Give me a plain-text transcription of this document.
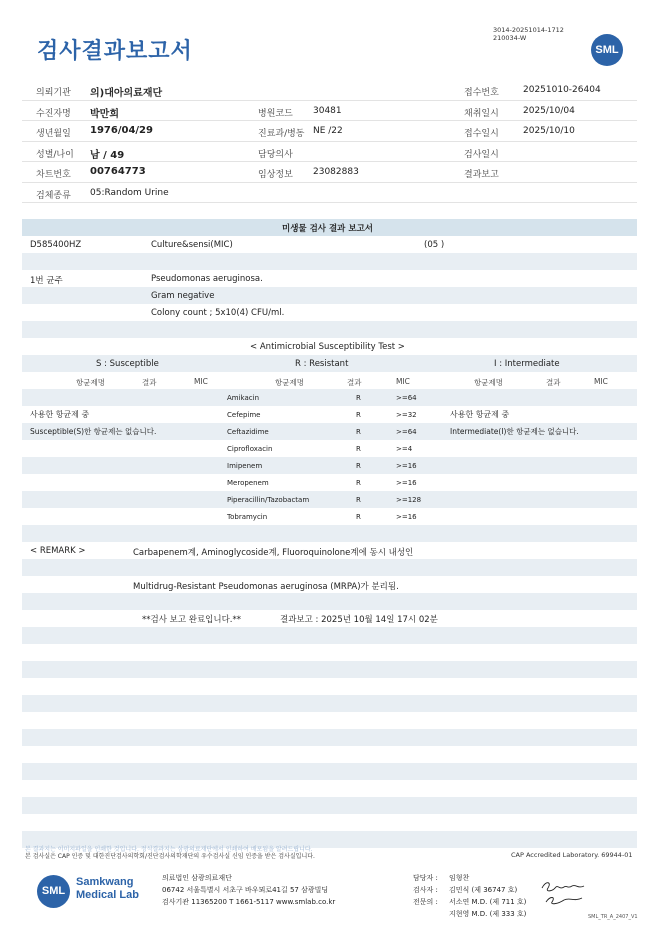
검사결과보고서
3014-20251014-1712
210034-W
SML
의뢰기관 의)대아의료재단	접수번호	20251010-26404
수진자명 박만희	병원코드 30481	채취일시	2025/10/04
생년월일 1976/04/29	진료과/병동 NE /22	접수일시	2025/10/10
성별/나이 남 / 49	담당의사	검사일시
차트번호 00764773	임상정보 23082883	결과보고
검체종류 05:Random Urine
미생물 검사 결과 보고서
D585400HZ	Culture&sensi(MIC)	(05 )
1번 균주	Pseudomonas aeruginosa.
Gram negative
Colony count ; 5x10(4) CFU/ml.
< Antimicrobial Susceptibility Test >
S : Susceptible	R : Resistant	I : Intermediate
항균제명	결과	MIC	항균제명	결과	MIC	항균제명	결과	MIC
사용한 항균제 중
Susceptible(S)한 항균제는 없습니다.
사용한 항균제 중
Intermediate(I)한 항균제는 없습니다.
Amikacin	R	>=64
Cefepime	R	>=32
Ceftazidime	R	>=64
Ciprofloxacin	R	>=4
Imipenem	R	>=16
Meropenem	R	>=16
Piperacillin/Tazobactam	R	>=128
Tobramycin	R	>=16
< REMARK >	Carbapenem계, Aminoglycoside계, Fluoroquinolone계에 동시 내성인
Multidrug-Resistant Pseudomonas aeruginosa (MRPA)가 분리됨.
**검사 보고 완료입니다.**	결과보고 : 2025년 10월 14일 17시 02분
본 결과지는 이미지파일을 인쇄한 것입니다. 정식결과지는 삼광의료재단에서 인쇄하여 배포됨을 알려드립니다.
본 검사실은 CAP 인증 및 대한진단검사의학회/진단검사의학재단의 우수검사실 신임 인증을 받은 검사실입니다.	CAP Accredited Laboratory. 69944-01
SML
Samkwang
Medical Lab
의료법인 삼광의료재단
06742 서울특별시 서초구 바우뫼로41길 57 삼광빌딩
검사기관 11365200 T 1661-5117 www.smlab.co.kr
담당자 : 임형찬
검사자 : 김민식 (제 36747 호)
전문의 : 서소연 M.D. (제 711 호)
지현영 M.D. (제 333 호)	SML_TR_A_2407_V1
